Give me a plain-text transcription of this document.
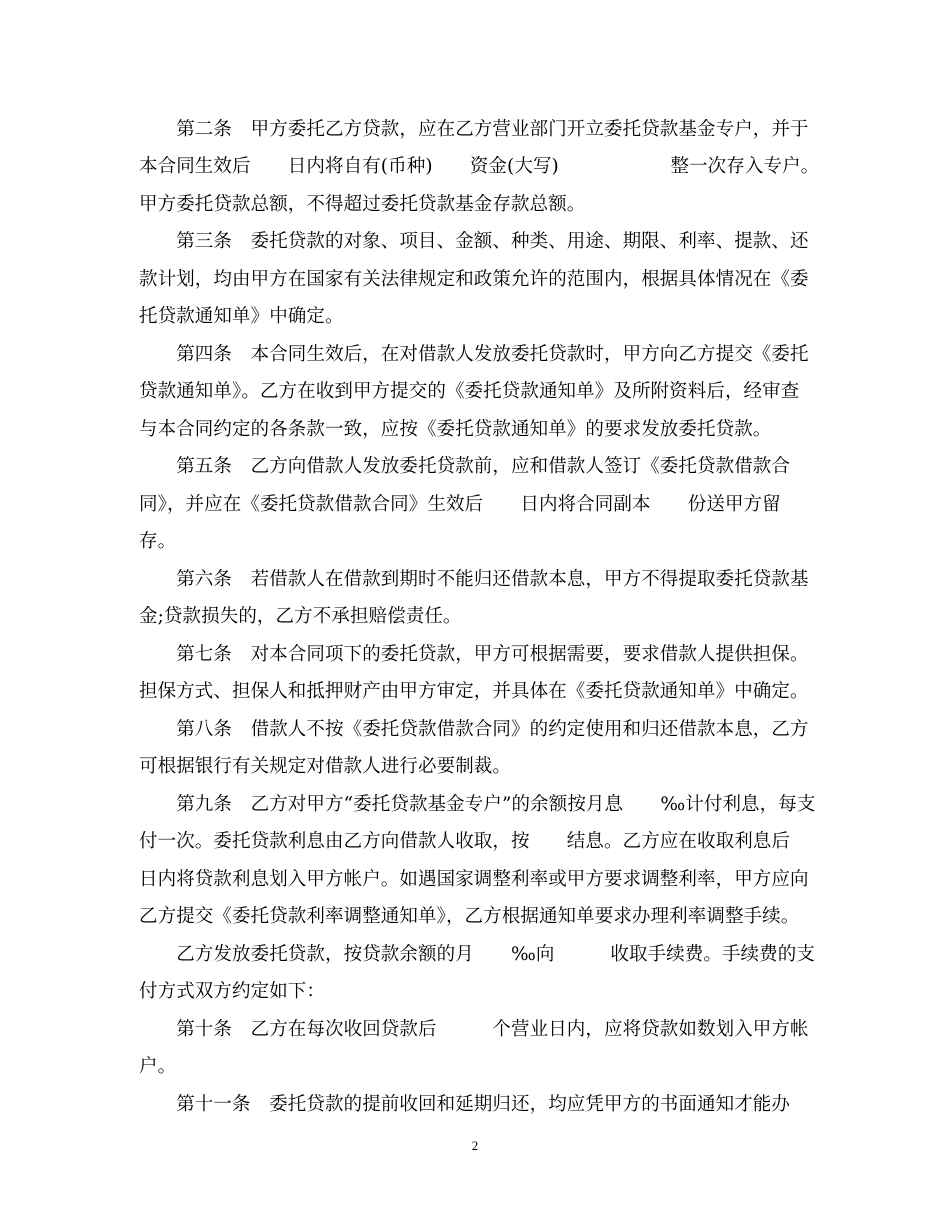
　　第二条　甲方委托乙方贷款，应在乙方营业部门开立委托贷款基金专户，并于
本合同生效后　　日内将自有(币种)　　资金(大写)　　　　　　整一次存入专户。
甲方委托贷款总额，不得超过委托贷款基金存款总额。
　　第三条　委托贷款的对象、项目、金额、种类、用途、期限、利率、提款、还
款计划，均由甲方在国家有关法律规定和政策允许的范围内，根据具体情况在《委
托贷款通知单》中确定。
　　第四条　本合同生效后，在对借款人发放委托贷款时，甲方向乙方提交《委托
贷款通知单》。乙方在收到甲方提交的《委托贷款通知单》及所附资料后，经审查
与本合同约定的各条款一致，应按《委托贷款通知单》的要求发放委托贷款。
　　第五条　乙方向借款人发放委托贷款前，应和借款人签订《委托贷款借款合
同》，并应在《委托贷款借款合同》生效后　　日内将合同副本　　份送甲方留
存。
　　第六条　若借款人在借款到期时不能归还借款本息，甲方不得提取委托贷款基
金;贷款损失的，乙方不承担赔偿责任。
　　第七条　对本合同项下的委托贷款，甲方可根据需要，要求借款人提供担保。
担保方式、担保人和抵押财产由甲方审定，并具体在《委托贷款通知单》中确定。
　　第八条　借款人不按《委托贷款借款合同》的约定使用和归还借款本息，乙方
可根据银行有关规定对借款人进行必要制裁。
　　第九条　乙方对甲方“委托贷款基金专户”的余额按月息　　‰计付利息，每支
付一次。委托贷款利息由乙方向借款人收取，按　　结息。乙方应在收取利息后
日内将贷款利息划入甲方帐户。如遇国家调整利率或甲方要求调整利率，甲方应向
乙方提交《委托贷款利率调整通知单》，乙方根据通知单要求办理利率调整手续。
　　乙方发放委托贷款，按贷款余额的月　　‰向　　　收取手续费。手续费的支
付方式双方约定如下：
　　第十条　乙方在每次收回贷款后　　　个营业日内，应将贷款如数划入甲方帐
户。
　　第十一条　委托贷款的提前收回和延期归还，均应凭甲方的书面通知才能办
2
